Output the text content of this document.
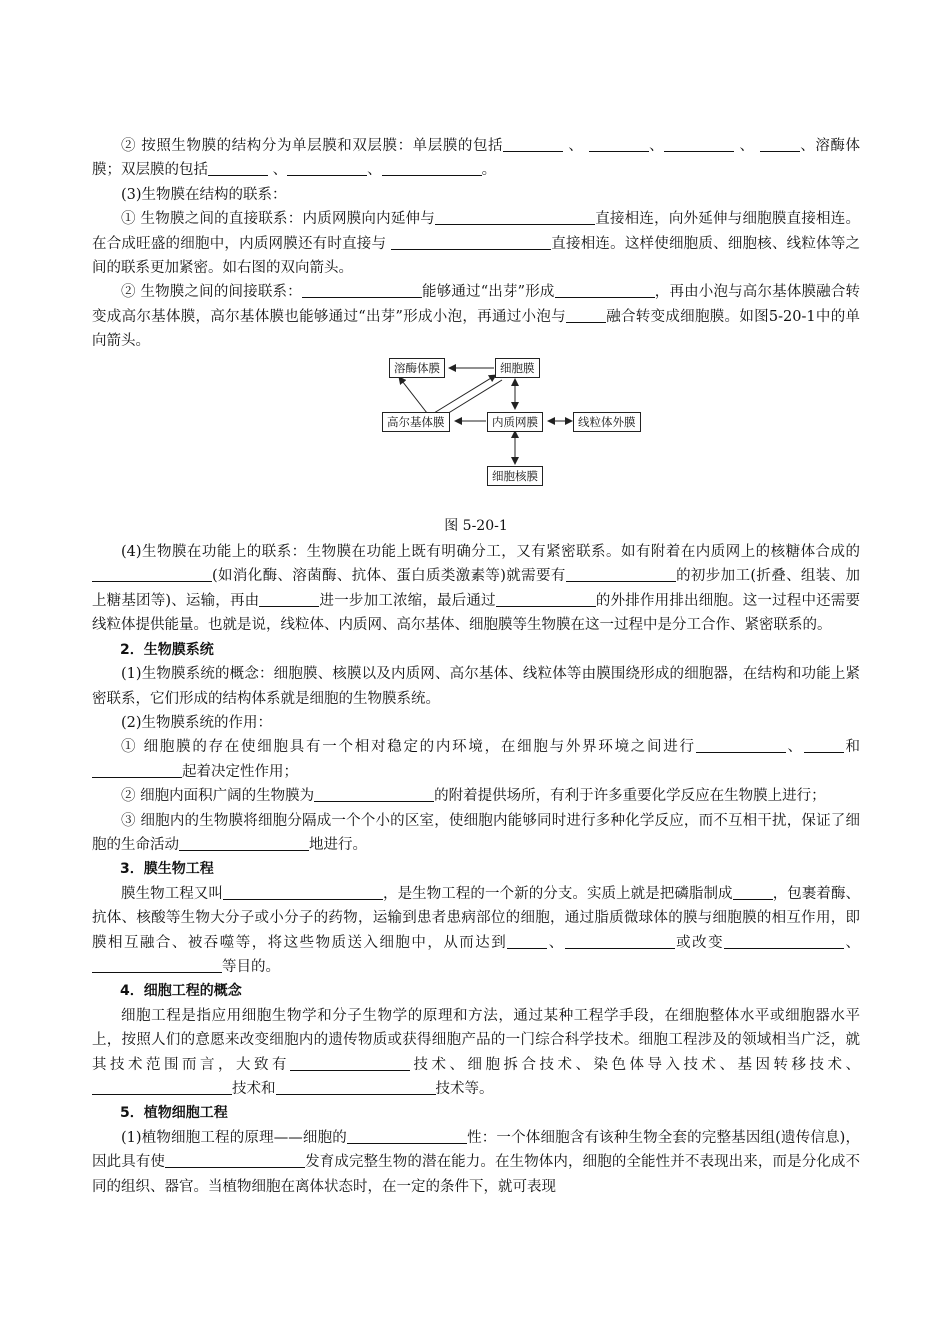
② 按照生物膜的结构分为单层膜和双层膜：单层膜的包括	、	、	、	、溶酶体膜；双层膜的包括	、	、	。

(3)生物膜在结构的联系：

① 生物膜之间的直接联系：内质网膜向内延伸与	直接相连，向外延伸与细胞膜直接相连。在合成旺盛的细胞中，内质网膜还有时直接与	直接相连。这样使细胞质、细胞核、线粒体等之间的联系更加紧密。如右图的双向箭头。

② 生物膜之间的间接联系：	能够通过“出芽”形成	，再由小泡与高尔基体膜融合转变成高尔基体膜，高尔基体膜也能够通过“出芽”形成小泡，再通过小泡与	融合转变成细胞膜。如图5-20-1中的单向箭头。

溶酶体膜	细胞膜
高尔基体膜	内质网膜	线粒体外膜
细胞核膜

图 5-20-1

(4)生物膜在功能上的联系：生物膜在功能上既有明确分工，又有紧密联系。如有附着在内质网上的核糖体合成的(如消化酶、溶菌酶、抗体、蛋白质类激素等)就需要有	的初步加工(折叠、组装、加上糖基团等)、运输，再由	进一步加工浓缩，最后通过	的外排作用排出细胞。这一过程中还需要线粒体提供能量。也就是说，线粒体、内质网、高尔基体、细胞膜等生物膜在这一过程中是分工合作、紧密联系的。

2．生物膜系统

(1)生物膜系统的概念：细胞膜、核膜以及内质网、高尔基体、线粒体等由膜围绕形成的细胞器，在结构和功能上紧密联系，它们形成的结构体系就是细胞的生物膜系统。

(2)生物膜系统的作用：

① 细胞膜的存在使细胞具有一个相对稳定的内环境，在细胞与外界环境之间进行	、	和起着决定性作用；

② 细胞内面积广阔的生物膜为	的附着提供场所，有利于许多重要化学反应在生物膜上进行；

③ 细胞内的生物膜将细胞分隔成一个个小的区室，使细胞内能够同时进行多种化学反应，而不互相干扰，保证了细胞的生命活动	地进行。

3．膜生物工程

膜生物工程又叫	，是生物工程的一个新的分支。实质上就是把磷脂制成	，包裹着酶、抗体、核酸等生物大分子或小分子的药物，运输到患者患病部位的细胞，通过脂质微球体的膜与细胞膜的相互作用，即膜相互融合、被吞噬等，将这些物质送入细胞中，从而达到	、	或改变	、等目的。

4．细胞工程的概念

细胞工程是指应用细胞生物学和分子生物学的原理和方法，通过某种工程学手段，在细胞整体水平或细胞器水平上，按照人们的意愿来改变细胞内的遗传物质或获得细胞产品的一门综合科学技术。细胞工程涉及的领域相当广泛，就其技术范围而言，大致有	技术、细胞拆合技术、染色体导入技术、基因转移技术、技术和	技术等。

5．植物细胞工程

(1)植物细胞工程的原理——细胞的	性：一个体细胞含有该种生物全套的完整基因组(遗传信息)，因此具有使	发育成完整生物的潜在能力。在生物体内，细胞的全能性并不表现出来，而是分化成不同的组织、器官。当植物细胞在离体状态时，在一定的条件下，就可表现
